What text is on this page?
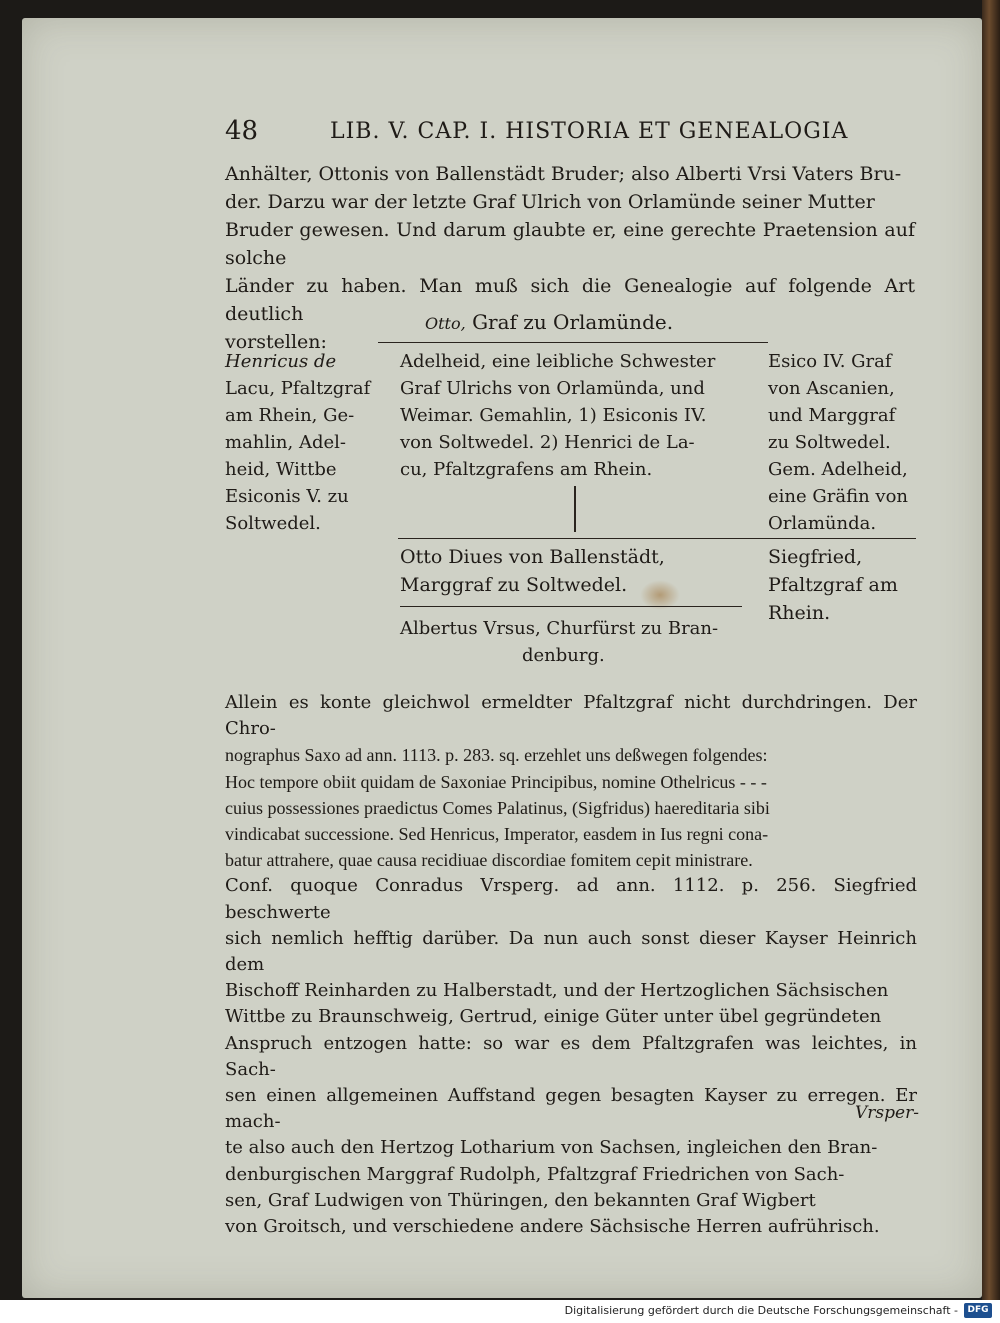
48	LIB. V. CAP. I. HISTORIA ET GENEALOGIA

Anhälter, Ottonis von Ballenstädt Bruder; also Alberti Vrsi Vaters Bru-

der. Darzu war der letzte Graf Ulrich von Orlamünde seiner Mutter

Bruder gewesen. Und darum glaubte er, eine gerechte Praetension auf solche

Länder zu haben. Man muß sich die Genealogie auf folgende Art deutlich

vorstellen:

Otto, Graf zu Orlamünde.
Henricus de
Lacu, Pfaltzgraf
am Rhein, Ge-
mahlin, Adel-
heid, Wittbe
Esiconis V. zu
Soltwedel.
Adelheid, eine leibliche Schwester
Graf Ulrichs von Orlamünda, und
Weimar. Gemahlin, 1) Esiconis IV.
von Soltwedel. 2) Henrici de La-
cu, Pfaltzgrafens am Rhein.
Esico IV. Graf
von Ascanien,
und Marggraf
zu Soltwedel.
Gem. Adelheid,
eine Gräfin von
Orlamünda.
Otto Diues von Ballenstädt,
Marggraf zu Soltwedel.
Siegfried,
Pfaltzgraf am
Rhein.
Albertus Vrsus, Churfürst zu Bran-
denburg.
Allein es konte gleichwol ermeldter Pfaltzgraf nicht durchdringen. Der Chro-
nographus Saxo ad ann. 1113. p. 283. sq. erzehlet uns deßwegen folgendes:
Hoc tempore obiit quidam de Saxoniae Principibus, nomine Othelricus - - -
cuius possessiones praedictus Comes Palatinus, (Sigfridus) haereditaria sibi
vindicabat successione. Sed Henricus, Imperator, easdem in Ius regni cona-
batur attrahere, quae causa recidiuae discordiae fomitem cepit ministrare.
Conf. quoque Conradus Vrsperg. ad ann. 1112. p. 256. Siegfried beschwerte
sich nemlich hefftig darüber. Da nun auch sonst dieser Kayser Heinrich dem
Bischoff Reinharden zu Halberstadt, und der Hertzoglichen Sächsischen
Wittbe zu Braunschweig, Gertrud, einige Güter unter übel gegründeten
Anspruch entzogen hatte: so war es dem Pfaltzgrafen was leichtes, in Sach-
sen einen allgemeinen Auffstand gegen besagten Kayser zu erregen. Er mach-
te also auch den Hertzog Lotharium von Sachsen, ingleichen den Bran-
denburgischen Marggraf Rudolph, Pfaltzgraf Friedrichen von Sach-
sen, Graf Ludwigen von Thüringen, den bekannten Graf Wigbert
von Groitsch, und verschiedene andere Sächsische Herren aufrührisch.
Vrsper-
Digitalisierung gefördert durch die Deutsche Forschungsgemeinschaft -	DFG
